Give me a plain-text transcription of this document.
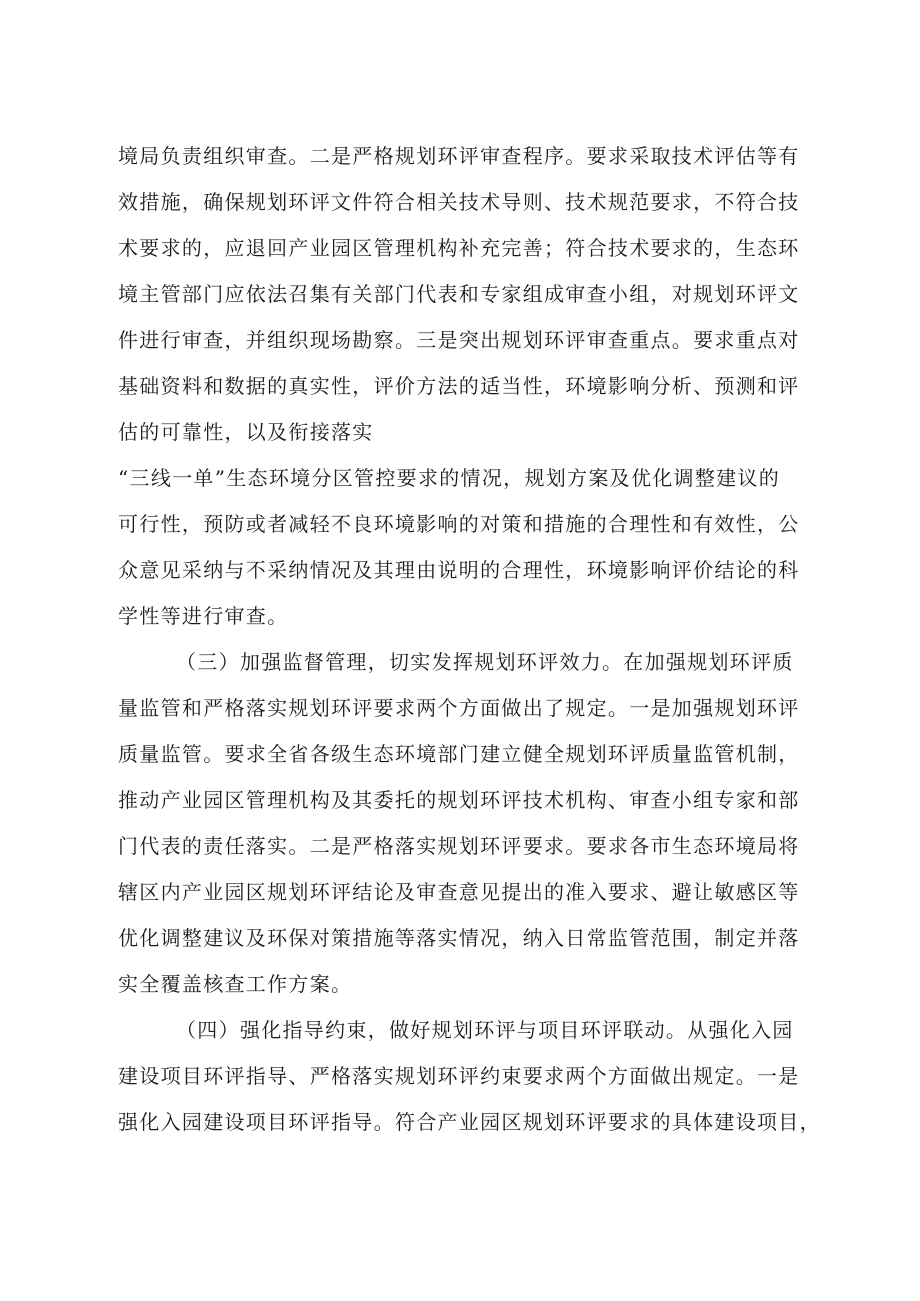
境局负责组织审查。二是严格规划环评审查程序。要求采取技术评估等有
效措施，确保规划环评文件符合相关技术导则、技术规范要求，不符合技
术要求的，应退回产业园区管理机构补充完善；符合技术要求的，生态环
境主管部门应依法召集有关部门代表和专家组成审查小组，对规划环评文
件进行审查，并组织现场勘察。三是突出规划环评审查重点。要求重点对
基础资料和数据的真实性，评价方法的适当性，环境影响分析、预测和评
估的可靠性，以及衔接落实
“三线一单”生态环境分区管控要求的情况，规划方案及优化调整建议的
可行性，预防或者减轻不良环境影响的对策和措施的合理性和有效性，公
众意见采纳与不采纳情况及其理由说明的合理性，环境影响评价结论的科
学性等进行审查。
（三）加强监督管理，切实发挥规划环评效力。在加强规划环评质
量监管和严格落实规划环评要求两个方面做出了规定。一是加强规划环评
质量监管。要求全省各级生态环境部门建立健全规划环评质量监管机制，
推动产业园区管理机构及其委托的规划环评技术机构、审查小组专家和部
门代表的责任落实。二是严格落实规划环评要求。要求各市生态环境局将
辖区内产业园区规划环评结论及审查意见提出的准入要求、避让敏感区等
优化调整建议及环保对策措施等落实情况，纳入日常监管范围，制定并落
实全覆盖核查工作方案。
（四）强化指导约束，做好规划环评与项目环评联动。从强化入园
建设项目环评指导、严格落实规划环评约束要求两个方面做出规定。一是
强化入园建设项目环评指导。符合产业园区规划环评要求的具体建设项目，
